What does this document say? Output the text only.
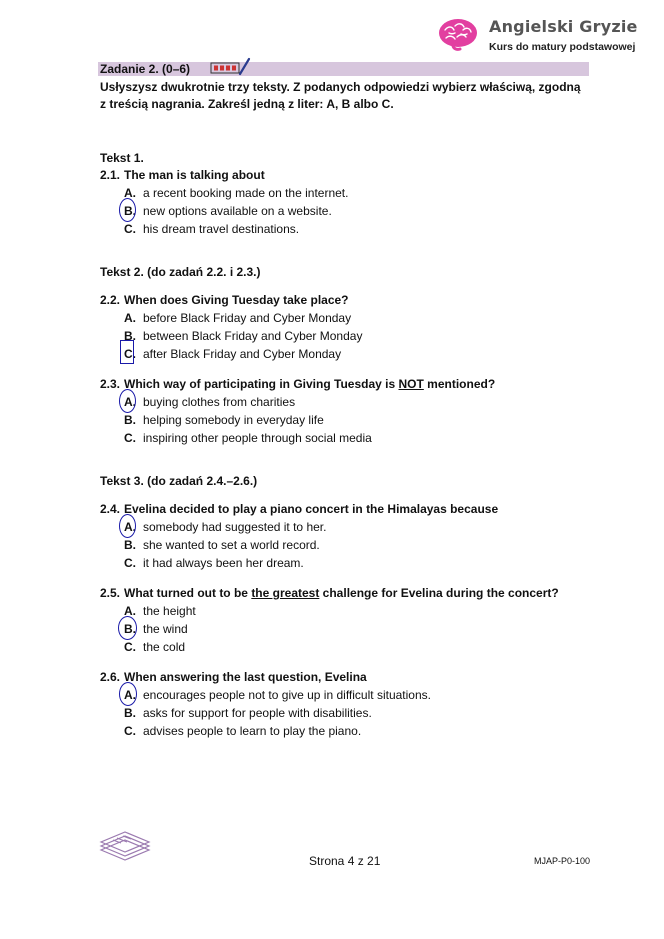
Angielski Gryzie
Kurs do matury podstawowej
Zadanie 2. (0–6)
Usłyszysz dwukrotnie trzy teksty. Z podanych odpowiedzi wybierz właściwą, zgodną
z treścią nagrania. Zakreśl jedną z liter: A, B albo C.
Tekst 1.
2.1. The man is talking about
A. a recent booking made on the internet.
B. new options available on a website.
C. his dream travel destinations.
Tekst 2. (do zadań 2.2. i 2.3.)
2.2. When does Giving Tuesday take place?
A. before Black Friday and Cyber Monday
B. between Black Friday and Cyber Monday
C. after Black Friday and Cyber Monday
2.3. Which way of participating in Giving Tuesday is NOT mentioned?
A. buying clothes from charities
B. helping somebody in everyday life
C. inspiring other people through social media
Tekst 3. (do zadań 2.4.–2.6.)
2.4. Evelina decided to play a piano concert in the Himalayas because
A. somebody had suggested it to her.
B. she wanted to set a world record.
C. it had always been her dream.
2.5. What turned out to be the greatest challenge for Evelina during the concert?
A. the height
B. the wind
C. the cold
2.6. When answering the last question, Evelina
A. encourages people not to give up in difficult situations.
B. asks for support for people with disabilities.
C. advises people to learn to play the piano.
Strona 4 z 21	MJAP-P0-100
